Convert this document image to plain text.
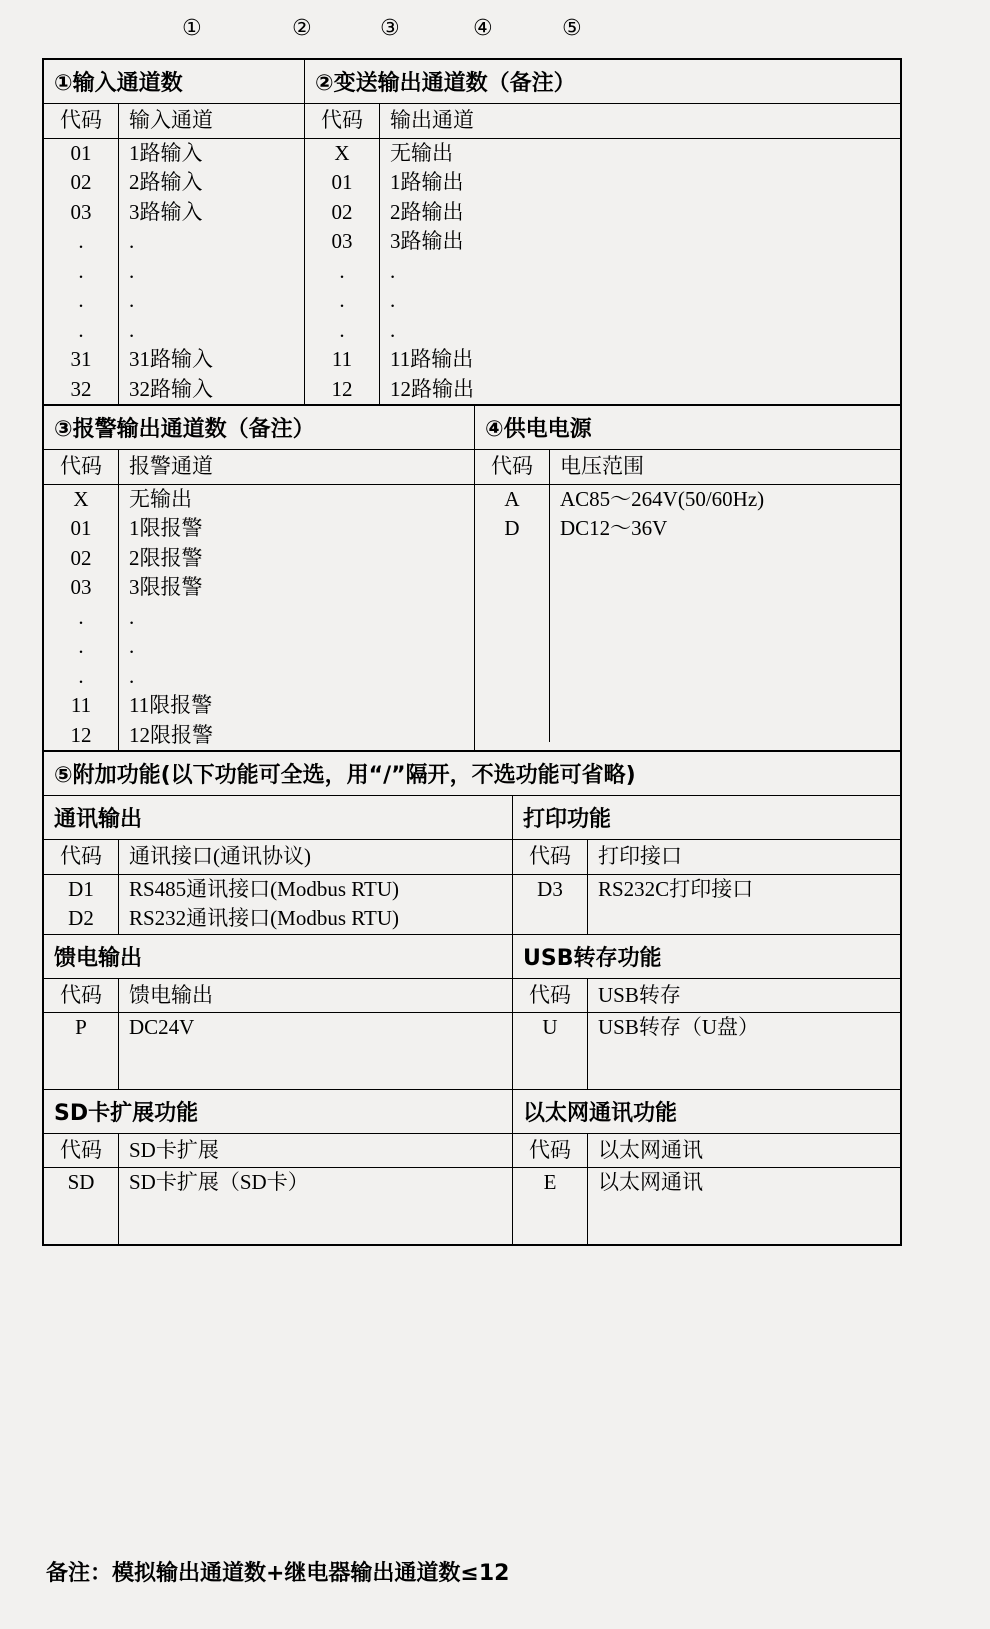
①	②	③	④	⑤
①输入通道数
代码	输入通道
01	1路输入
02	2路输入
03	3路输入
.	.
.	.
.	.
.	.
31	31路输入
32	32路输入

②变送输出通道数（备注）
代码	输出通道
X	无输出
01	1路输出
02	2路输出
03	3路输出
.	.
.	.
.	.
11	11路输出
12	12路输出
③报警输出通道数（备注）
代码	报警通道
X	无输出
01	1限报警
02	2限报警
03	3限报警
.	.
.	.
.	.
11	11限报警
12	12限报警

④供电电源
代码	电压范围
A	AC85～264V(50/60Hz)
D	DC12～36V

⑤附加功能(以下功能可全选，用“/”隔开，不选功能可省略)
通讯输出
代码	通讯接口(通讯协议)
D1	RS485通讯接口(Modbus RTU)
D2	RS232通讯接口(Modbus RTU)

打印功能
代码	打印接口
D3	RS232C打印接口

馈电输出
代码	馈电输出
P	DC24V

USB转存功能
代码	USB转存
U	USB转存（U盘）

SD卡扩展功能
代码	SD卡扩展
SD	SD卡扩展（SD卡）

以太网通讯功能
代码	以太网通讯
E	以太网通讯

备注：模拟输出通道数+继电器输出通道数≤12
